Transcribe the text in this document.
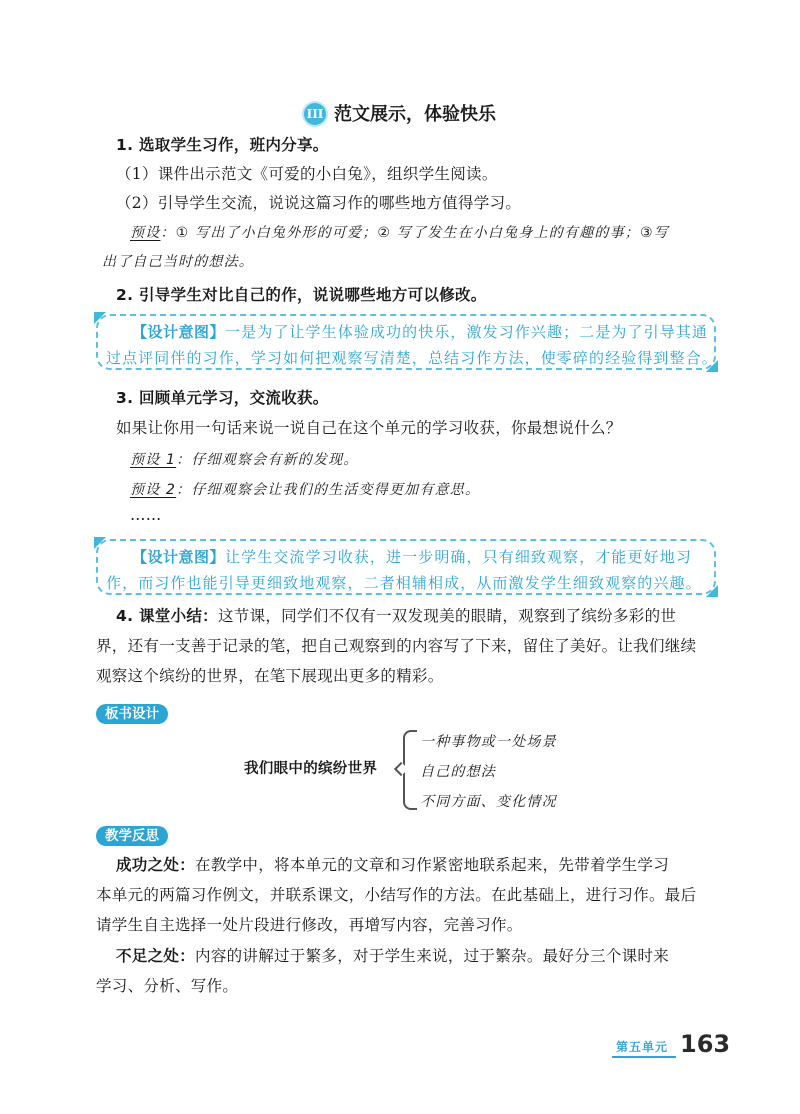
III 范文展示，体验快乐
1. 选取学生习作，班内分享。
（1）课件出示范文《可爱的小白兔》，组织学生阅读。
（2）引导学生交流，说说这篇习作的哪些地方值得学习。
预设：① 写出了小白兔外形的可爱；② 写了发生在小白兔身上的有趣的事；③写
出了自己当时的想法。
2. 引导学生对比自己的作，说说哪些地方可以修改。
【设计意图】一是为了让学生体验成功的快乐，激发习作兴趣；二是为了引导其通
过点评同伴的习作，学习如何把观察写清楚，总结习作方法，使零碎的经验得到整合。
3. 回顾单元学习，交流收获。
如果让你用一句话来说一说自己在这个单元的学习收获，你最想说什么？
预设 1：仔细观察会有新的发现。
预设 2：仔细观察会让我们的生活变得更加有意思。
……
【设计意图】让学生交流学习收获，进一步明确，只有细致观察，才能更好地习
作，而习作也能引导更细致地观察，二者相辅相成，从而激发学生细致观察的兴趣。
4. 课堂小结：这节课，同学们不仅有一双发现美的眼睛，观察到了缤纷多彩的世
界，还有一支善于记录的笔，把自己观察到的内容写了下来，留住了美好。让我们继续
观察这个缤纷的世界，在笔下展现出更多的精彩。
板书设计
我们眼中的缤纷世界
一种事物或一处场景
自己的想法
不同方面、变化情况
教学反思
成功之处：在教学中，将本单元的文章和习作紧密地联系起来，先带着学生学习
本单元的两篇习作例文，并联系课文，小结写作的方法。在此基础上，进行习作。最后
请学生自主选择一处片段进行修改，再增写内容，完善习作。
不足之处：内容的讲解过于繁多，对于学生来说，过于繁杂。最好分三个课时来
学习、分析、写作。
第五单元 163
